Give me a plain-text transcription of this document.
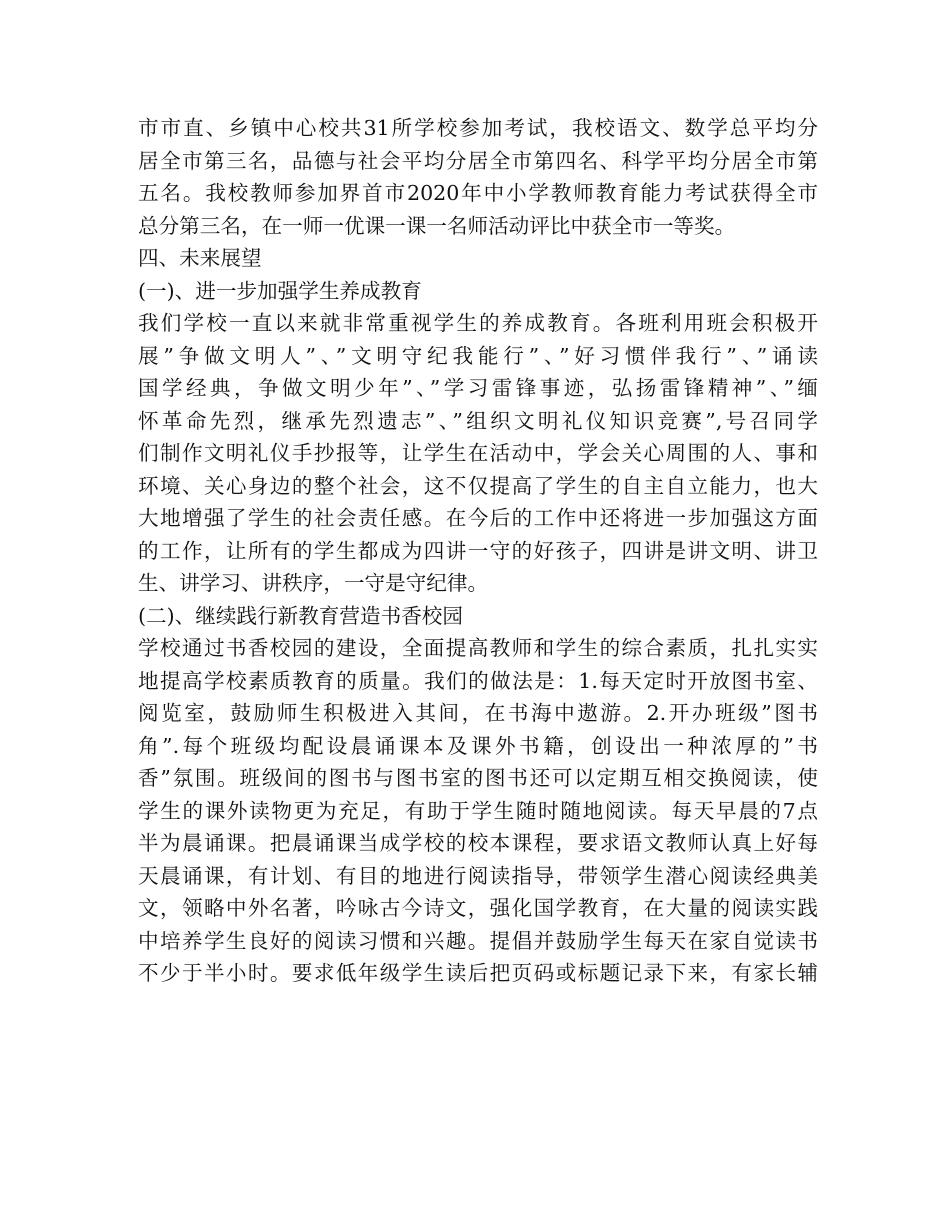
市市直、乡镇中心校共31所学校参加考试，我校语文、数学总平均分
居全市第三名，品德与社会平均分居全市第四名、科学平均分居全市第
五名。我校教师参加界首市2020年中小学教师教育能力考试获得全市
总分第三名，在一师一优课一课一名师活动评比中获全市一等奖。
四、未来展望
(一)、进一步加强学生养成教育
我们学校一直以来就非常重视学生的养成教育。各班利用班会积极开
展”争做文明人”、”文明守纪我能行”、”好习惯伴我行”、”诵读
国学经典，争做文明少年”、”学习雷锋事迹，弘扬雷锋精神”、”缅
怀革命先烈，继承先烈遗志”、”组织文明礼仪知识竞赛”,号召同学
们制作文明礼仪手抄报等，让学生在活动中，学会关心周围的人、事和
环境、关心身边的整个社会，这不仅提高了学生的自主自立能力，也大
大地增强了学生的社会责任感。在今后的工作中还将进一步加强这方面
的工作，让所有的学生都成为四讲一守的好孩子，四讲是讲文明、讲卫
生、讲学习、讲秩序，一守是守纪律。
(二)、继续践行新教育营造书香校园
学校通过书香校园的建设，全面提高教师和学生的综合素质，扎扎实实
地提高学校素质教育的质量。我们的做法是：1.每天定时开放图书室、
阅览室，鼓励师生积极进入其间，在书海中遨游。2.开办班级”图书
角”.每个班级均配设晨诵课本及课外书籍，创设出一种浓厚的”书
香”氛围。班级间的图书与图书室的图书还可以定期互相交换阅读，使
学生的课外读物更为充足，有助于学生随时随地阅读。每天早晨的7点
半为晨诵课。把晨诵课当成学校的校本课程，要求语文教师认真上好每
天晨诵课，有计划、有目的地进行阅读指导，带领学生潜心阅读经典美
文，领略中外名著，吟咏古今诗文，强化国学教育，在大量的阅读实践
中培养学生良好的阅读习惯和兴趣。提倡并鼓励学生每天在家自觉读书
不少于半小时。要求低年级学生读后把页码或标题记录下来，有家长辅
